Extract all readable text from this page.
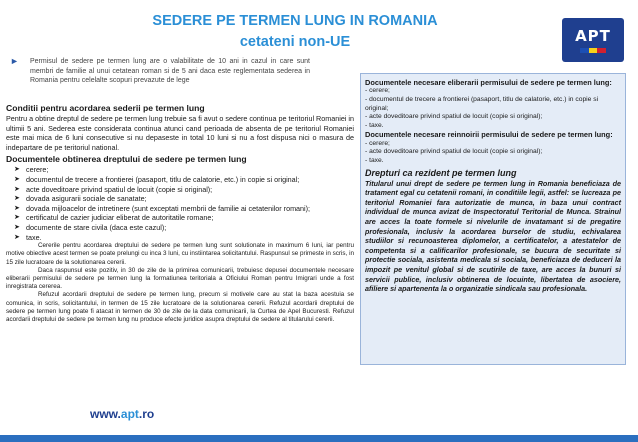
SEDERE PE TERMEN LUNG IN ROMANIA
cetateni non-UE	APT
► Permisul de sedere pe termen lung are o valabilitate de 10 ani in cazul in care sunt membri de familie al unui cetatean roman si de 5 ani daca este reglementata sederea in Romania pentru celelalte scopuri prevazute de lege

Conditii pentru acordarea sederii pe termen lung

Pentru a obtine dreptul de sedere pe termen lung trebuie sa fi avut o sedere continua pe teritoriul Romaniei in ultimii 5 ani. Sederea este considerata continua atunci cand perioada de absenta de pe teritoriul Romaniei este mai mica de 6 luni consecutive si nu depaseste in total 10 luni si nu a fost dispusa nici o masura de indepartare de pe teritoriul national.

Documentele obtinerea dreptului de sedere pe termen lung

➤ cerere;
➤ documentul de trecere a frontierei (pasaport, titlu de calatorie, etc.) in copie si original;
➤ acte doveditoare privind spatiul de locuit (copie si original);
➤ dovada asigurarii sociale de sanatate;
➤ dovada mijloacelor de intretinere (sunt exceptati membrii de familie ai cetatenilor romani);
➤ certificatul de cazier judiciar eliberat de autoritatile romane;
➤ documente de stare civila (daca este cazul);
➤ taxe.
Cererile pentru acordarea dreptului de sedere pe termen lung sunt solutionate in maximum 6 luni, iar pentru motive obiective acest termen se poate prelungi cu inca 3 luni, cu instiintarea solicitantului. Raspunsul se primeste in scris, in 15 zile lucratoare de la solutionarea cererii.
Daca raspunsul este pozitiv, in 30 de zile de la primirea comunicarii, trebuiesc depusei documentele necesare eliberarii permisului de sedere pe termen lung la formatiunea teritoriala a Oficiului Roman pentru Imigrari unde a fost inregistrata cererea.
Refuzul acordarii dreptului de sedere pe termen lung, precum si motivele care au stat la baza acestuia se comunica, in scris, solicitantului, in termen de 15 zile lucratoare de la solutionarea cererii. Refuzul acordarii dreptului de sedere pe termen lung poate fi atacat in termen de 30 de zile de la data comunicarii, la Curtea de Apel Bucuresti. Refuzul acordarii dreptului de sedere pe termen lung nu produce efecte juridice asupra dreptului de sedere al titularului cererii.
Documentele necesare eliberarii permisului de sedere pe termen lung:
- cerere;
- documentul de trecere a frontierei (pasaport, titlu de calatorie, etc.) in copie si original;
- acte doveditoare privind spatiul de locuit (copie si original);
- taxe.
Documentele necesare reinnoirii permisului de sedere pe termen lung:
- cerere;
- acte doveditoare privind spatiul de locuit (copie si original);
- taxe.
Drepturi ca rezident pe termen lung
Titularul unui drept de sedere pe termen lung in Romania beneficiaza de tratament egal cu cetatenii romani, in conditiile legii, astfel: se lucreaza pe teritoriul Romaniei fara autorizatie de munca, in baza unui contract individual de munca avizat de Inspectoratul Teritorial de Munca. Strainul are acces la toate formele si nivelurile de invatamant si de pregatire profesionala, inclusiv la acordarea burselor de studiu, echivalarea studiilor si recunoasterea diplomelor, a certificatelor, a atestatelor de competenta si a calificarilor profesionale, se bucura de securitate si protectie sociala, asistenta medicala si sociala, beneficiaza de deduceri la impozit pe venitul global si de scutirile de taxe, are acces la bunuri si servicii publice, inclusiv obtinerea de locuinte, libertatea de asociere, afiliere si apartenenta la o organizatie sindicala sau profesionala.
www.apt.ro
